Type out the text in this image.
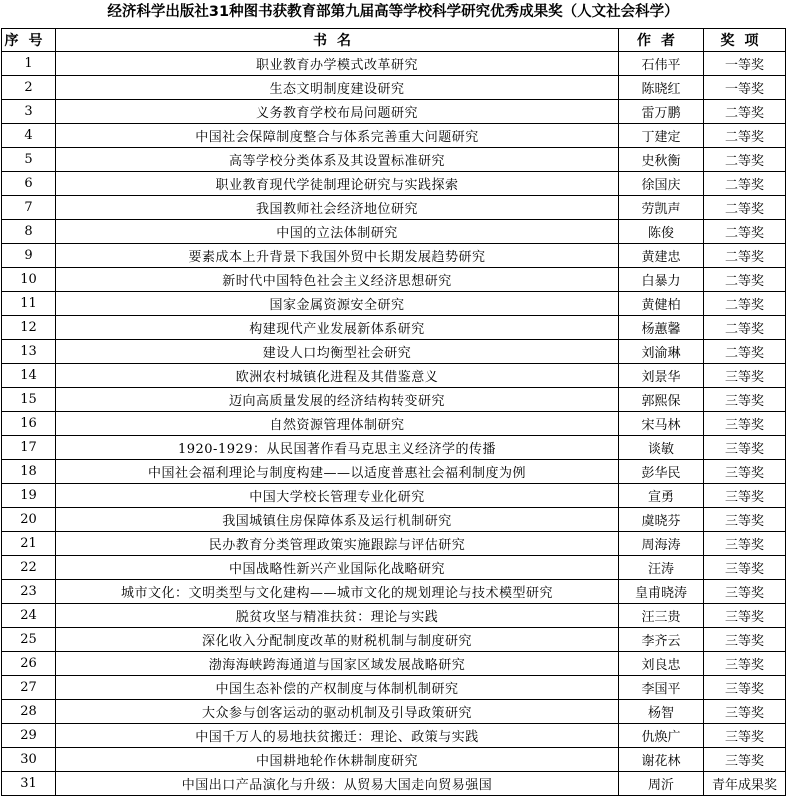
经济科学出版社31种图书获教育部第九届高等学校科学研究优秀成果奖（人文社会科学）
序号	书名	作者	奖项
1	职业教育办学模式改革研究	石伟平	一等奖
2	生态文明制度建设研究	陈晓红	一等奖
3	义务教育学校布局问题研究	雷万鹏	二等奖
4	中国社会保障制度整合与体系完善重大问题研究	丁建定	二等奖
5	高等学校分类体系及其设置标准研究	史秋衡	二等奖
6	职业教育现代学徒制理论研究与实践探索	徐国庆	二等奖
7	我国教师社会经济地位研究	劳凯声	二等奖
8	中国的立法体制研究	陈俊	二等奖
9	要素成本上升背景下我国外贸中长期发展趋势研究	黄建忠	二等奖
10	新时代中国特色社会主义经济思想研究	白暴力	二等奖
11	国家金属资源安全研究	黄健柏	二等奖
12	构建现代产业发展新体系研究	杨蕙馨	二等奖
13	建设人口均衡型社会研究	刘渝琳	二等奖
14	欧洲农村城镇化进程及其借鉴意义	刘景华	三等奖
15	迈向高质量发展的经济结构转变研究	郭熙保	三等奖
16	自然资源管理体制研究	宋马林	三等奖
17	1920-1929：从民国著作看马克思主义经济学的传播	谈敏	三等奖
18	中国社会福利理论与制度构建——以适度普惠社会福利制度为例	彭华民	三等奖
19	中国大学校长管理专业化研究	宣勇	三等奖
20	我国城镇住房保障体系及运行机制研究	虞晓芬	三等奖
21	民办教育分类管理政策实施跟踪与评估研究	周海涛	三等奖
22	中国战略性新兴产业国际化战略研究	汪涛	三等奖
23	城市文化：文明类型与文化建构——城市文化的规划理论与技术模型研究	皇甫晓涛	三等奖
24	脱贫攻坚与精准扶贫：理论与实践	汪三贵	三等奖
25	深化收入分配制度改革的财税机制与制度研究	李齐云	三等奖
26	渤海海峡跨海通道与国家区域发展战略研究	刘良忠	三等奖
27	中国生态补偿的产权制度与体制机制研究	李国平	三等奖
28	大众参与创客运动的驱动机制及引导政策研究	杨智	三等奖
29	中国千万人的易地扶贫搬迁：理论、政策与实践	仇焕广	三等奖
30	中国耕地轮作休耕制度研究	谢花林	三等奖
31	中国出口产品演化与升级：从贸易大国走向贸易强国	周沂	青年成果奖
